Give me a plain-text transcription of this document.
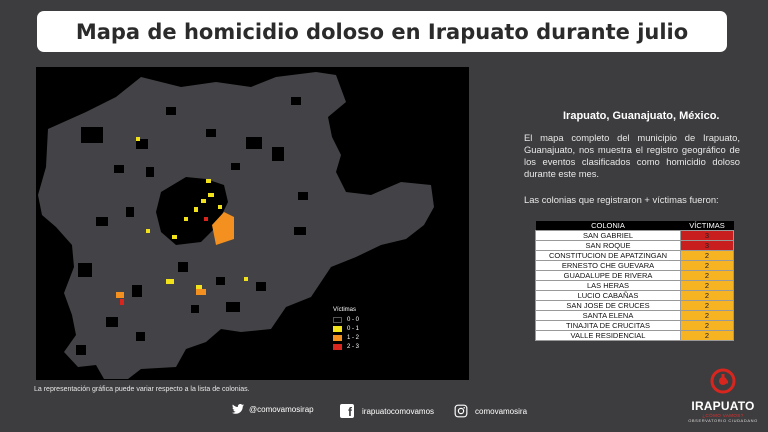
Mapa de homicidio doloso en Irapuato durante julio
Víctimas
0 - 0
0 - 1
1 - 2
2 - 3
Irapuato, Guanajuato, México.
El mapa completo del municipio de Irapuato, Guanajuato, nos muestra el registro geográfico de los eventos clasificados como homicidio doloso durante este mes.
Las colonias que registraron + víctimas fueron:
COLONIA	VÍCTIMAS
SAN GABRIEL	3
SAN ROQUE	3
CONSTITUCION DE APATZINGAN	2
ERNESTO CHE GUEVARA	2
GUADALUPE DE RIVERA	2
LAS HERAS	2
LUCIO CABAÑAS	2
SAN JOSE DE CRUCES	2
SANTA ELENA	2
TINAJITA DE CRUCITAS	2
VALLE RESIDENCIAL	2
La representación gráfica puede variar respecto a la lista de colonias.
@comovamosirap	f irapuatocomovamos	comovamosira	IRAPUATO
¿CÓMO VAMOS?
OBSERVATORIO CIUDADANO
